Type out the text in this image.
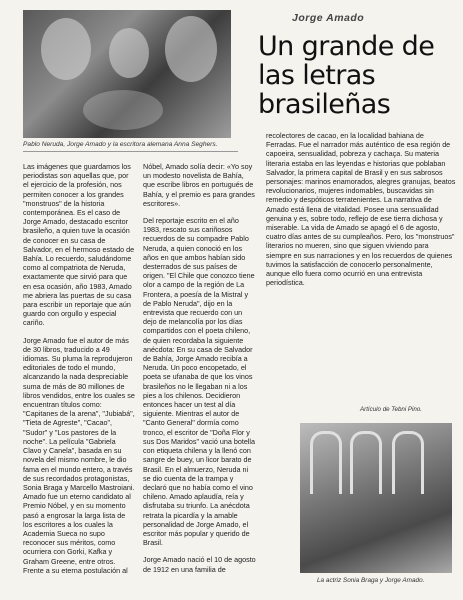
Pablo Neruda, Jorge Amado y la escritora alemana Anna Seghers.
Jorge Amado
Un grande de las letras brasileñas

Las imágenes que guardamos los periodistas son aquellas que, por el ejercicio de la profesión, nos permiten conocer a los grandes "monstruos" de la historia contemporánea. Es el caso de Jorge Amado, destacado escritor brasileño, a quien tuve la ocasión de conocer en su casa de Salvador, en el hermoso estado de Bahía. Lo recuerdo, saludándome como al compatriota de Neruda, exactamente que sirvió para que en esa ocasión, año 1983, Amado me abriera las puertas de su casa para escribir un reportaje que aún guardo con orgullo y especial cariño.

Jorge Amado fue el autor de más de 30 libros, traducido a 49 idiomas. Su pluma la reprodujeron editoriales de todo el mundo, alcanzando la nada despreciable suma de más de 80 millones de libros vendidos, entre los cuales se encuentran títulos como: "Capitanes de la arena", "Jubiabá", "Tieta de Agreste", "Cacao", "Sudor" y "Los pastores de la noche". La película "Gabriela Clavo y Canela", basada en su novela del mismo nombre, le dio fama en el mundo entero, a través de sus recordados protagonistas, Sonia Braga y Marcello Mastroiani. Amado fue un eterno candidato al Premio Nóbel, y en su momento pasó a engrosar la larga lista de los escritores a los cuales la Academia Sueca no supo reconocer sus méritos, como ocurriera con Gorki, Kafka y Graham Greene, entre otros. Frente a su eterna postulación al

Nóbel, Amado solía decir: «Yo soy un modesto novelista de Bahía, que escribe libros en portugués de Bahía, y el premio es para grandes escritores».

Del reportaje escrito en el año 1983, rescato sus cariñosos recuerdos de su compadre Pablo Neruda, a quien conoció en los años en que ambos habían sido desterrados de sus países de origen. "El Chile que conozco tiene olor a campo de la región de La Frontera, a poesía de la Mistral y de Pablo Neruda", dijo en la entrevista que recuerdo con un dejo de melancolía por los días compartidos con el poeta chileno, de quien recordaba la siguiente anécdota: En su casa de Salvador de Bahía, Jorge Amado recibía a Neruda. Un poco encopetado, el poeta se ufanaba de que los vinos brasileños no le llegaban ni a los pies a los chilenos. Decidieron entonces hacer un test al día siguiente. Mientras el autor de "Canto General" dormía como tronco, el escritor de "Doña Flor y sus Dos Maridos" vació una botella con etiqueta chilena y la llenó con sangre de buey, un licor barato de Brasil. En el almuerzo, Neruda ni se dio cuenta de la trampa y declaró que no había como el vino chileno. Amado aplaudía, reía y disfrutaba su triunfo. La anécdota retrata la picardía y la amable personalidad de Jorge Amado, el escritor más popular y querido de Brasil.

Jorge Amado nació el 10 de agosto de 1912 en una familia de

recolectores de cacao, en la localidad bahiana de Ferradas. Fue el narrador más auténtico de esa región de capoeira, sensualidad, pobreza y cachaça. Su materia literaria estaba en las leyendas e historias que poblaban Salvador, la primera capital de Brasil y en sus sabrosos personajes: marinos enamorados, alegres granujas, beatos revolucionarios, mujeres indomables, buscavidas sin remedio y despóticos terratenientes. La narrativa de Amado está llena de vitalidad. Posee una sensualidad genuina y es, sobre todo, reflejo de ese tierra dichosa y miserable. La vida de Amado se apagó el 6 de agosto, cuatro días antes de su cumpleaños. Pero, los "monstruos" literarios no mueren, sino que siguen viviendo para siempre en sus narraciones y en los recuerdos de quienes tuvimos la satisfacción de conocerlo personalmente, aunque ello fuera como ocurrió en una entrevista periodística.

Artículo de Tebni Pino.
La actriz Sonia Braga y Jorge Amado.
